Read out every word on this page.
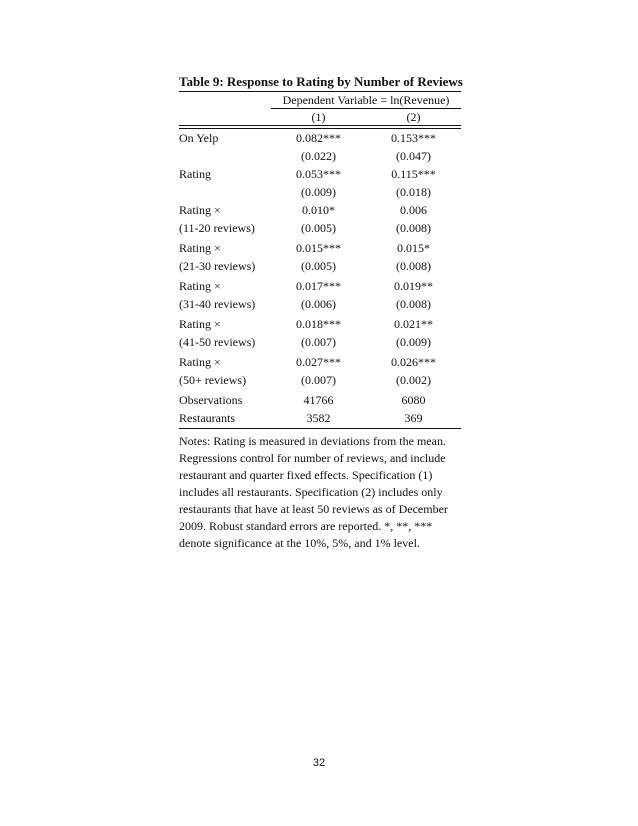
Table 9: Response to Rating by Number of Reviews
Dependent Variable = ln(Revenue)
(1)	(2)
On Yelp	0.082***	0.153***
	(0.022)	(0.047)
Rating	0.053***	0.115***
	(0.009)	(0.018)
Rating ×	0.010*	0.006
(11-20 reviews)	(0.005)	(0.008)
Rating ×	0.015***	0.015*
(21-30 reviews)	(0.005)	(0.008)
Rating ×	0.017***	0.019**
(31-40 reviews)	(0.006)	(0.008)
Rating ×	0.018***	0.021**
(41-50 reviews)	(0.007)	(0.009)
Rating ×	0.027***	0.026***
(50+ reviews)	(0.007)	(0.002)
Observations	41766	6080
Restaurants	3582	369

Notes: Rating is measured in deviations from the mean. Regressions control for number of reviews, and include restaurant and quarter fixed effects. Specification (1) includes all restaurants. Specification (2) includes only restaurants that have at least 50 reviews as of December 2009. Robust standard errors are reported. *, **, *** denote significance at the 10%, 5%, and 1% level.

32
